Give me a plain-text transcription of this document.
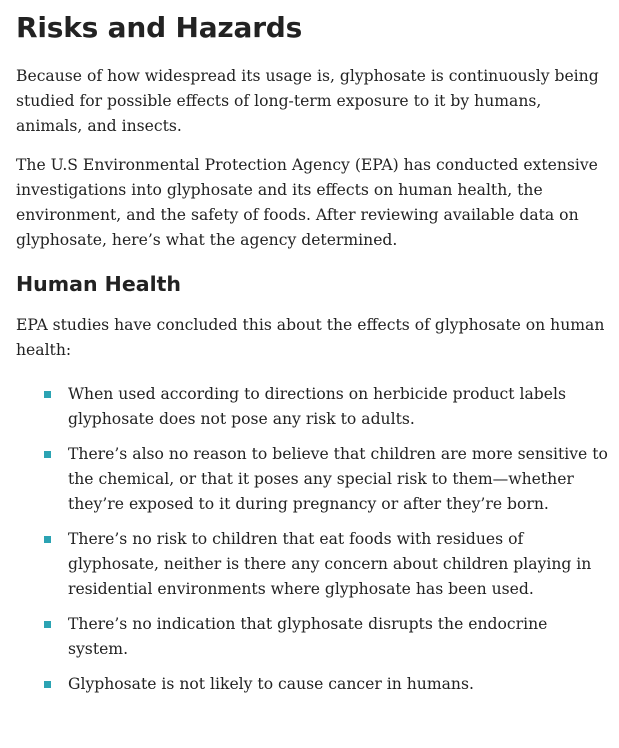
Risks and Hazards

Because of how widespread its usage is, glyphosate is continuously being studied for possible effects of long-term exposure to it by humans, animals, and insects.

The U.S Environmental Protection Agency (EPA) has conducted extensive investigations into glyphosate and its effects on human health, the environment, and the safety of foods. After reviewing available data on glyphosate, here’s what the agency determined.

Human Health

EPA studies have concluded this about the effects of glyphosate on human health:

When used according to directions on herbicide product labels glyphosate does not pose any risk to adults.

There’s also no reason to believe that children are more sensitive to the chemical, or that it poses any special risk to them—whether they’re exposed to it during pregnancy or after they’re born.

There’s no risk to children that eat foods with residues of glyphosate, neither is there any concern about children playing in residential environments where glyphosate has been used.

There’s no indication that glyphosate disrupts the endocrine system.

Glyphosate is not likely to cause cancer in humans.
